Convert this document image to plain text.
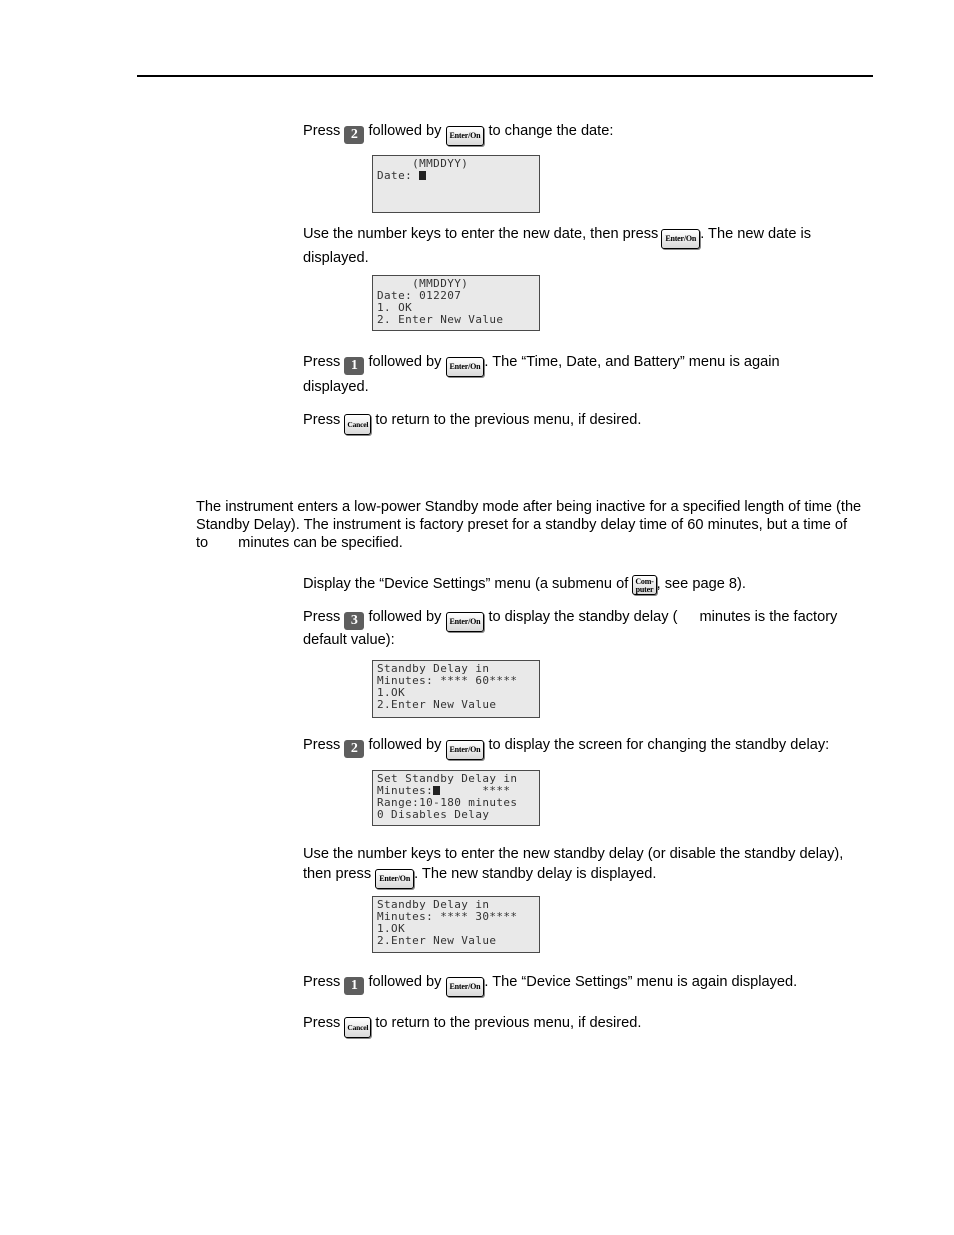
Press 2 followed by Enter/On to change the date:
(MMDDYY)
Date:
Use the number keys to enter the new date, then press Enter/On . The new date is displayed.
(MMDDYY)
Date: 012207
1. OK
2. Enter New Value
Press 1 followed by Enter/On . The “Time, Date, and Battery” menu is again displayed.
Press Cancel to return to the previous menu, if desired.
The instrument enters a low-power Standby mode after being inactive for a specified length of time (the Standby Delay). The instrument is factory preset for a standby delay time of 60 minutes, but a time ofto minutes can be specified.
Display the “Device Settings” menu (a submenu of Com-
puter , see page 8).
Press 3 followed by Enter/On to display the standby delay ( minutes is the factory default value):
Standby Delay in
Minutes: **** 60****
1.OK
2.Enter New Value
Press 2 followed by Enter/On to display the screen for changing the standby delay:
Set Standby Delay in
Minutes:      ****
Range:10-180 minutes
0 Disables Delay
Use the number keys to enter the new standby delay (or disable the standby delay), then press Enter/On . The new standby delay is displayed.
Standby Delay in
Minutes: **** 30****
1.OK
2.Enter New Value
Press 1 followed by Enter/On . The “Device Settings” menu is again displayed.
Press Cancel to return to the previous menu, if desired.
